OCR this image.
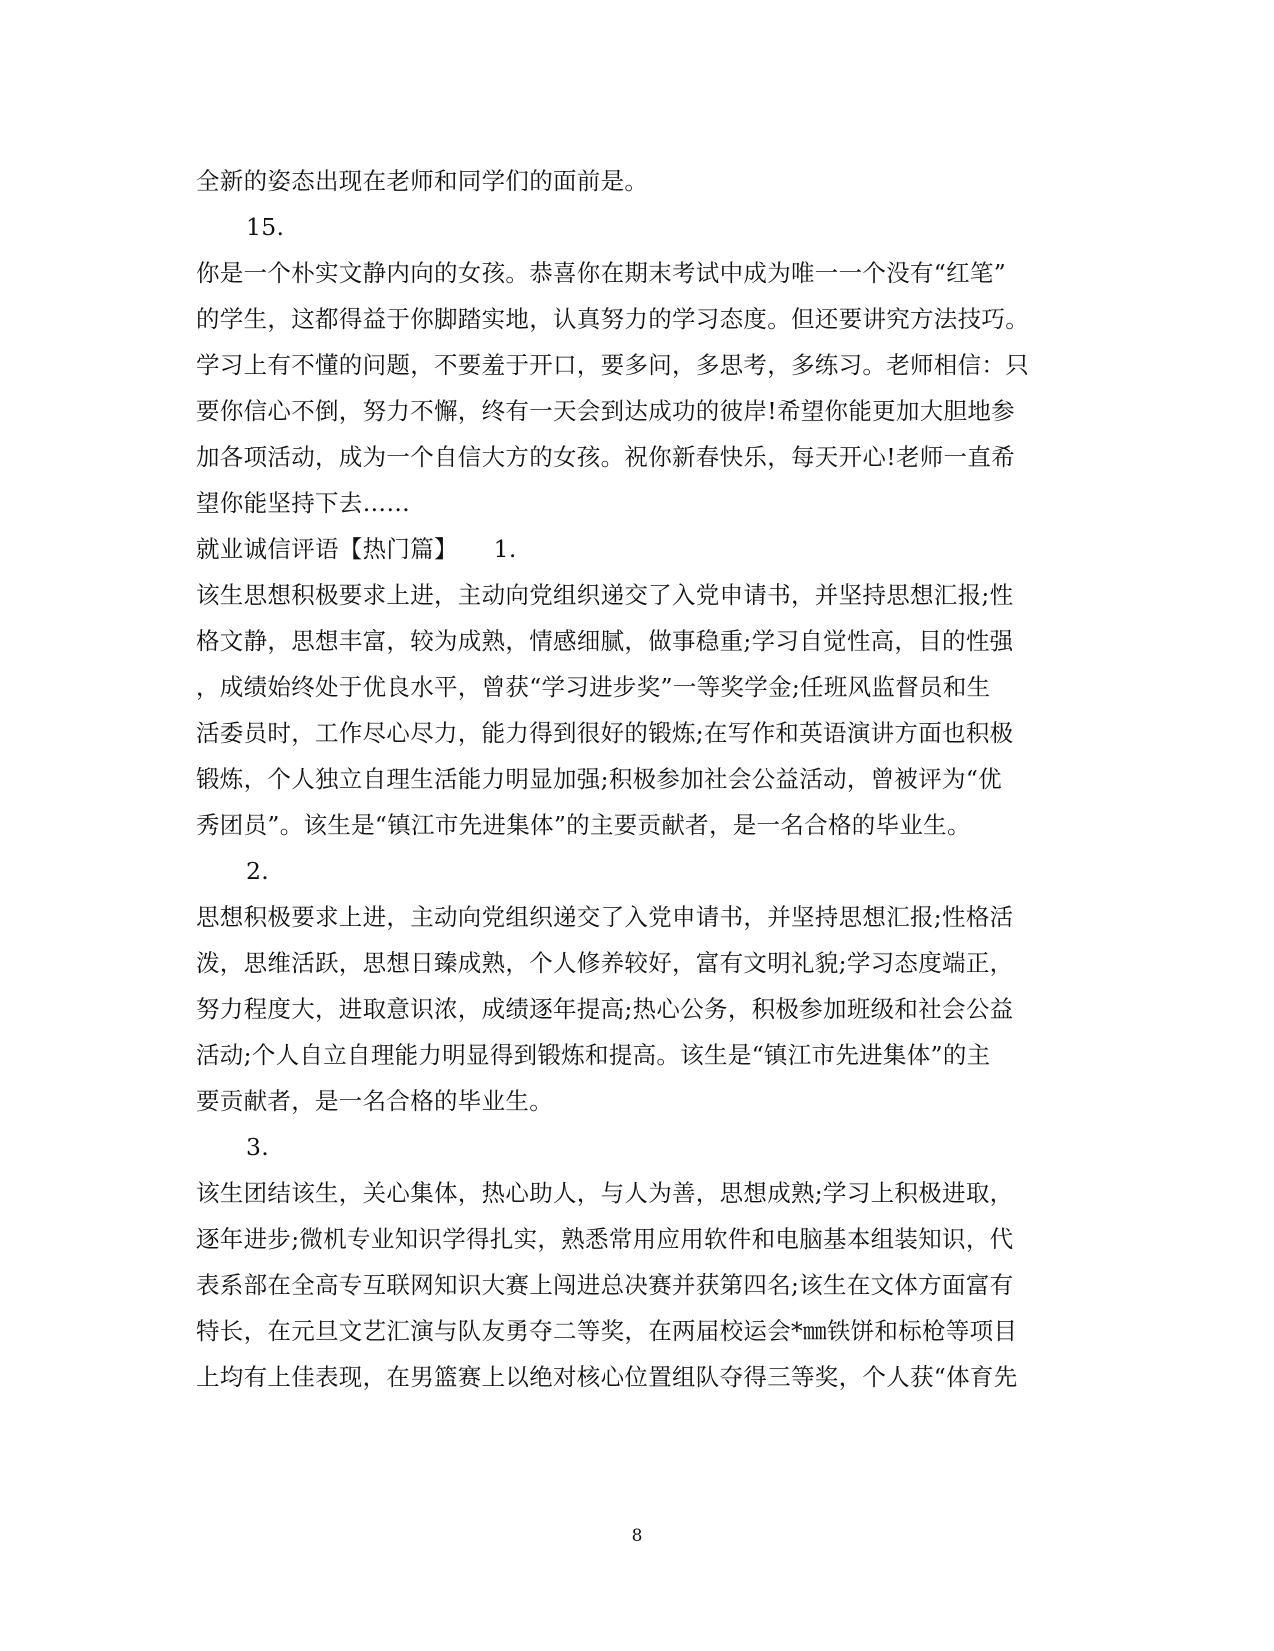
全新的姿态出现在老师和同学们的面前是。
15.
你是一个朴实文静内向的女孩。恭喜你在期末考试中成为唯一一个没有“红笔”
的学生，这都得益于你脚踏实地，认真努力的学习态度。但还要讲究方法技巧。
学习上有不懂的问题，不要羞于开口，要多问，多思考，多练习。老师相信：只
要你信心不倒，努力不懈，终有一天会到达成功的彼岸!希望你能更加大胆地参
加各项活动，成为一个自信大方的女孩。祝你新春快乐，每天开心!老师一直希
望你能坚持下去……
就业诚信评语【热门篇】　　1.
该生思想积极要求上进，主动向党组织递交了入党申请书，并坚持思想汇报;性
格文静，思想丰富，较为成熟，情感细腻，做事稳重;学习自觉性高，目的性强
，成绩始终处于优良水平，曾获“学习进步奖”一等奖学金;任班风监督员和生
活委员时，工作尽心尽力，能力得到很好的锻炼;在写作和英语演讲方面也积极
锻炼，个人独立自理生活能力明显加强;积极参加社会公益活动，曾被评为“优
秀团员”。该生是“镇江市先进集体”的主要贡献者，是一名合格的毕业生。
2.
思想积极要求上进，主动向党组织递交了入党申请书，并坚持思想汇报;性格活
泼，思维活跃，思想日臻成熟，个人修养较好，富有文明礼貌;学习态度端正，
努力程度大，进取意识浓，成绩逐年提高;热心公务，积极参加班级和社会公益
活动;个人自立自理能力明显得到锻炼和提高。该生是“镇江市先进集体”的主
要贡献者，是一名合格的毕业生。
3.
该生团结该生，关心集体，热心助人，与人为善，思想成熟;学习上积极进取，
逐年进步;微机专业知识学得扎实，熟悉常用应用软件和电脑基本组装知识，代
表系部在全高专互联网知识大赛上闯进总决赛并获第四名;该生在文体方面富有
特长，在元旦文艺汇演与队友勇夺二等奖，在两届校运会*㎜铁饼和标枪等项目
上均有上佳表现，在男篮赛上以绝对核心位置组队夺得三等奖，个人获“体育先
8
